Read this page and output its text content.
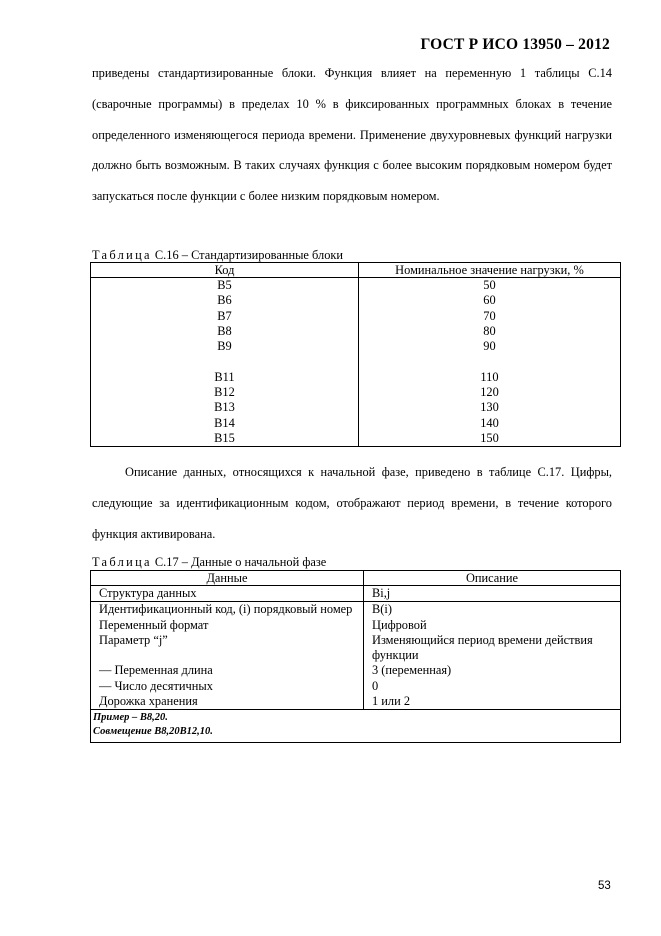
ГОСТ Р ИСО 13950 – 2012
приведены стандартизированные блоки. Функция влияет на переменную 1 таблицы С.14 (сварочные программы) в пределах 10 % в фиксированных программных блоках в течение определенного изменяющегося периода времени. Применение двухуровневых функций нагрузки должно быть возможным. В таких случаях функция с более высоким порядковым номером будет запускаться после функции с более низким порядковым номером.
Таблица С.16 – Стандартизированные блоки
Код	Номинальное значение нагрузки, %
B5	50
B6	60
B7	70
B8	80
B9	90

B11	110
B12	120
B13	130
B14	140
B15	150
Описание данных, относящихся к начальной фазе, приведено в таблице С.17. Цифры, следующие за идентификационным кодом, отображают период времени, в течение которого функция активирована.
Таблица С.17 – Данные о начальной фазе
Данные	Описание
Структура данных	Bi,j
Идентификационный код, (i) порядковый номер	B(i)
Переменный формат	Цифровой
Параметр “j”	Изменяющийся период времени действия функции
— Переменная длина	3 (переменная)
— Число десятичных	0
Дорожка хранения	1 или 2

Пример – B8,20.
Совмещение B8,20B12,10.	
53
